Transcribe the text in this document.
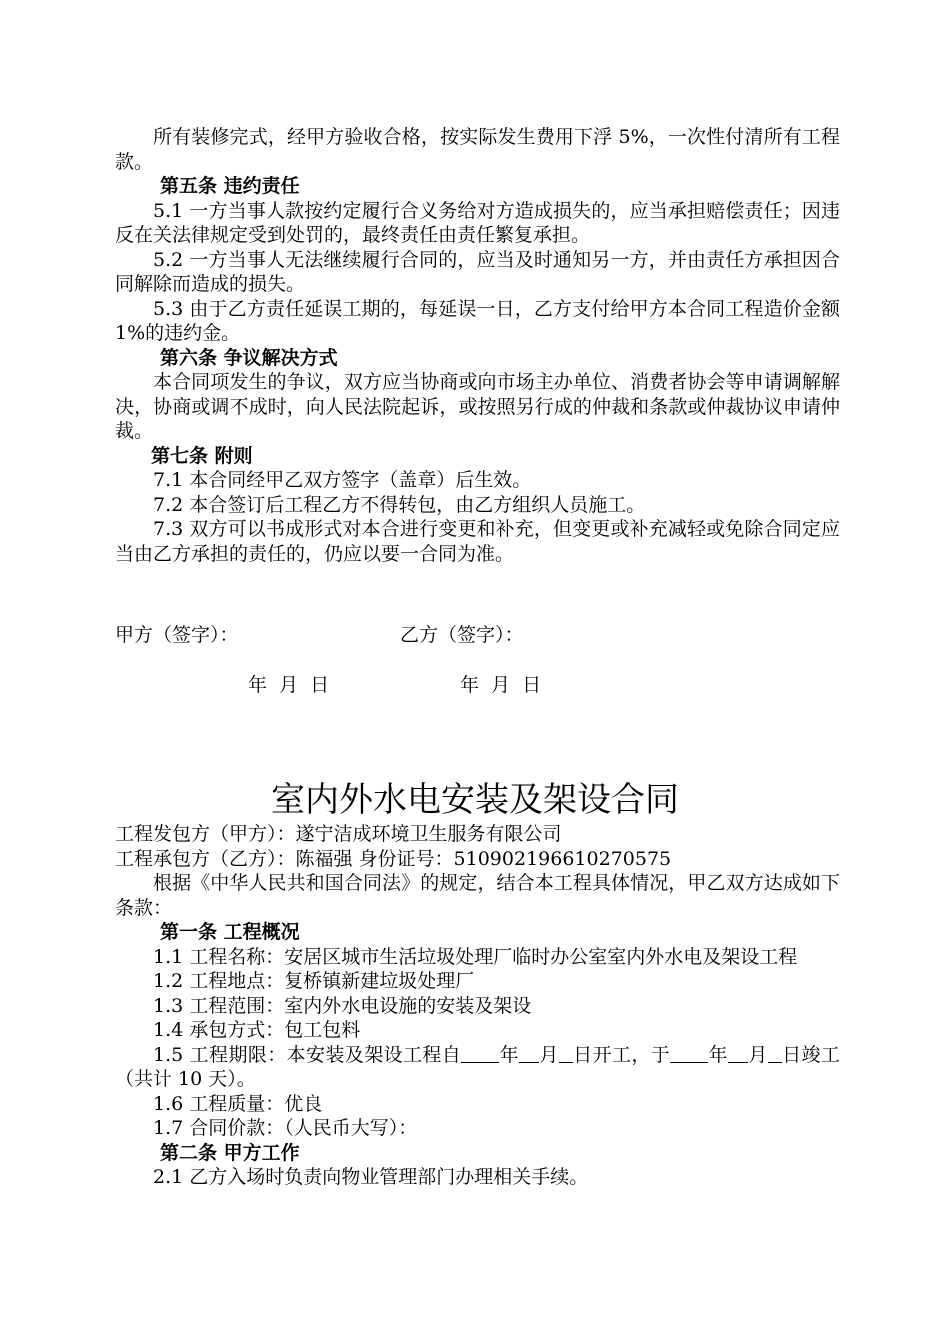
所有装修完式，经甲方验收合格，按实际发生费用下浮 5%，一次性付清所有工程款。

第五条 违约责任

5.1 一方当事人款按约定履行合义务给对方造成损失的，应当承担赔偿责任；因违反在关法律规定受到处罚的，最终责任由责任繁复承担。

5.2 一方当事人无法继续履行合同的，应当及时通知另一方，并由责任方承担因合同解除而造成的损失。

5.3 由于乙方责任延误工期的，每延误一日，乙方支付给甲方本合同工程造价金额 1%的违约金。

第六条 争议解决方式

本合同项发生的争议，双方应当协商或向市场主办单位、消费者协会等申请调解解决，协商或调不成时，向人民法院起诉，或按照另行成的仲裁和条款或仲裁协议申请仲裁。

第七条 附则

7.1 本合同经甲乙双方签字（盖章）后生效。

7.2 本合签订后工程乙方不得转包，由乙方组织人员施工。

7.3 双方可以书成形式对本合进行变更和补充，但变更或补充减轻或免除合同定应当由乙方承担的责任的，仍应以要一合同为准。

甲方（签字）：	乙方（签字）：
年  月  日	年  月  日
室内外水电安装及架设合同

工程发包方（甲方）：遂宁洁成环境卫生服务有限公司

工程承包方（乙方）：陈福强 身份证号：510902196610270575

根据《中华人民共和国合同法》的规定，结合本工程具体情况，甲乙双方达成如下条款：

第一条 工程概况

1.1 工程名称：安居区城市生活垃圾处理厂临时办公室室内外水电及架设工程

1.2 工程地点：复桥镇新建垃圾处理厂

1.3 工程范围：室内外水电设施的安装及架设

1.4 承包方式：包工包料

1.5 工程期限：本安装及架设工程自 年 月 日开工，于 年 月 日竣工（共计 10 天）。

1.6 工程质量：优良

1.7 合同价款：（人民币大写）：

第二条 甲方工作

2.1 乙方入场时负责向物业管理部门办理相关手续。
